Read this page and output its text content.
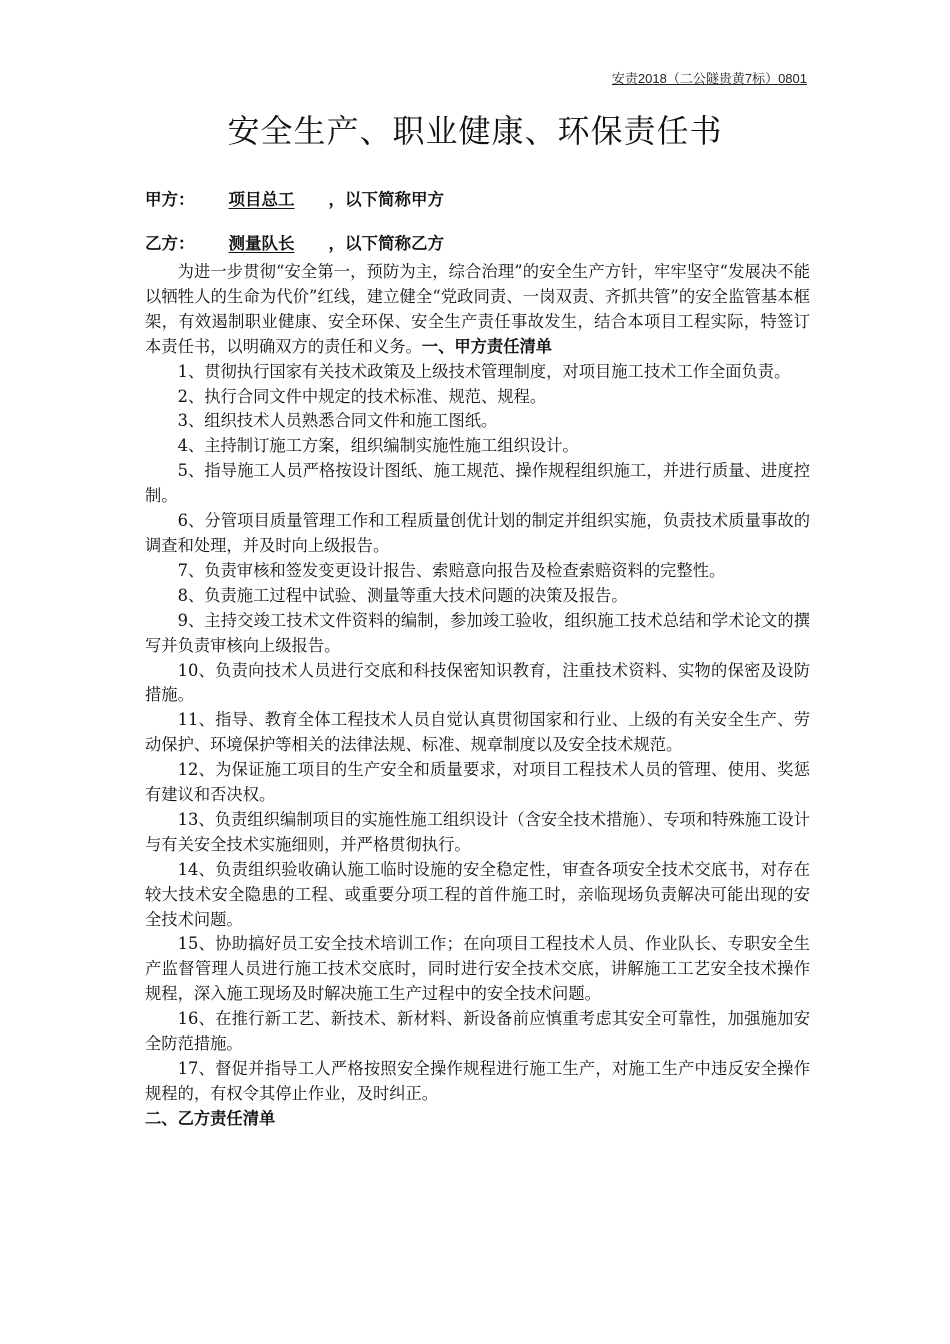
安责2018（二公隧贵黄7标）0801
安全生产、职业健康、环保责任书
甲方： 项目总工 ，以下简称甲方
乙方： 测量队长 ，以下简称乙方

为进一步贯彻“安全第一，预防为主，综合治理”的安全生产方针，牢牢坚守“发展决不能以牺牲人的生命为代价”红线，建立健全“党政同责、一岗双责、齐抓共管”的安全监管基本框架，有效遏制职业健康、安全环保、安全生产责任事故发生，结合本项目工程实际，特签订本责任书，以明确双方的责任和义务。一、甲方责任清单

1、贯彻执行国家有关技术政策及上级技术管理制度，对项目施工技术工作全面负责。

2、执行合同文件中规定的技术标准、规范、规程。

3、组织技术人员熟悉合同文件和施工图纸。

4、主持制订施工方案，组织编制实施性施工组织设计。

5、指导施工人员严格按设计图纸、施工规范、操作规程组织施工，并进行质量、进度控制。

6、分管项目质量管理工作和工程质量创优计划的制定并组织实施，负责技术质量事故的调查和处理，并及时向上级报告。

7、负责审核和签发变更设计报告、索赔意向报告及检查索赔资料的完整性。

8、负责施工过程中试验、测量等重大技术问题的决策及报告。

9、主持交竣工技术文件资料的编制，参加竣工验收，组织施工技术总结和学术论文的撰写并负责审核向上级报告。

10、负责向技术人员进行交底和科技保密知识教育，注重技术资料、实物的保密及设防措施。

11、指导、教育全体工程技术人员自觉认真贯彻国家和行业、上级的有关安全生产、劳动保护、环境保护等相关的法律法规、标准、规章制度以及安全技术规范。

12、为保证施工项目的生产安全和质量要求，对项目工程技术人员的管理、使用、奖惩有建议和否决权。

13、负责组织编制项目的实施性施工组织设计（含安全技术措施）、专项和特殊施工设计与有关安全技术实施细则，并严格贯彻执行。

14、负责组织验收确认施工临时设施的安全稳定性，审查各项安全技术交底书，对存在较大技术安全隐患的工程、或重要分项工程的首件施工时，亲临现场负责解决可能出现的安全技术问题。

15、协助搞好员工安全技术培训工作；在向项目工程技术人员、作业队长、专职安全生产监督管理人员进行施工技术交底时，同时进行安全技术交底，讲解施工工艺安全技术操作规程，深入施工现场及时解决施工生产过程中的安全技术问题。

16、在推行新工艺、新技术、新材料、新设备前应慎重考虑其安全可靠性，加强施加安全防范措施。

17、督促并指导工人严格按照安全操作规程进行施工生产，对施工生产中违反安全操作规程的，有权令其停止作业，及时纠正。

二、乙方责任清单
